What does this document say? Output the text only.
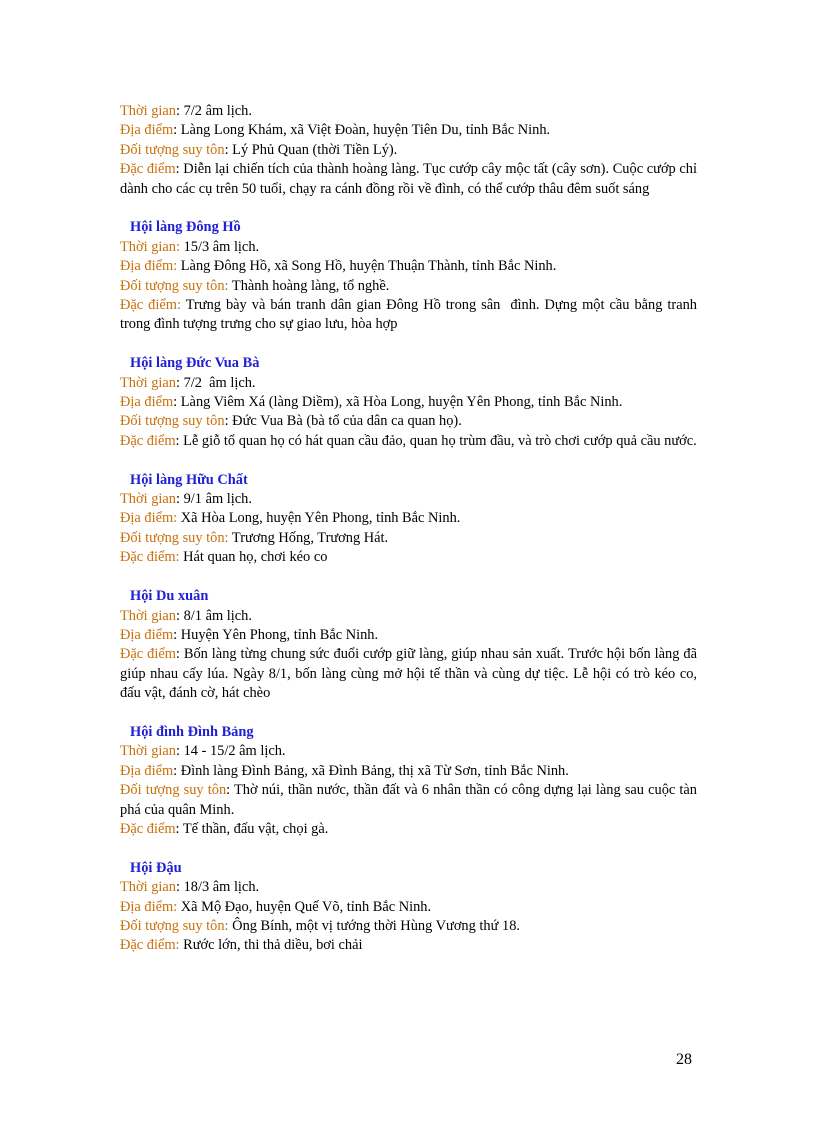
Thời gian: 7/2 âm lịch.
Địa điểm: Làng Long Khám, xã Việt Đoàn, huyện Tiên Du, tỉnh Bắc Ninh.
Đối tượng suy tôn: Lý Phủ Quan (thời Tiền Lý).
Đặc điểm: Diễn lại chiến tích của thành hoàng làng. Tục cướp cây mộc tất (cây sơn). Cuộc cướp chỉ dành cho các cụ trên 50 tuổi, chạy ra cánh đồng rồi về đình, có thể cướp thâu đêm suốt sáng
Hội làng Đông Hồ
Thời gian: 15/3 âm lịch.
Địa điểm: Làng Đông Hồ, xã Song Hồ, huyện Thuận Thành, tỉnh Bắc Ninh.
Đối tượng suy tôn: Thành hoàng làng, tổ nghề.
Đặc điểm: Trưng bày và bán tranh dân gian Đông Hồ trong sân  đình. Dựng một cầu bằng tranh trong đình tượng trưng cho sự giao lưu, hòa hợp
Hội làng Đức Vua Bà
Thời gian: 7/2  âm lịch.
Địa điểm: Làng Viêm Xá (làng Diềm), xã Hòa Long, huyện Yên Phong, tỉnh Bắc Ninh.
Đối tượng suy tôn: Đức Vua Bà (bà tổ của dân ca quan họ).
Đặc điểm: Lễ giỗ tổ quan họ có hát quan cầu đảo, quan họ trùm đầu, và trò chơi cướp quả cầu nước.
Hội làng Hữu Chất
Thời gian: 9/1 âm lịch.
Địa điểm: Xã Hòa Long, huyện Yên Phong, tỉnh Bắc Ninh.
Đối tượng suy tôn: Trương Hống, Trương Hát.
Đặc điểm: Hát quan họ, chơi kéo co
Hội Du xuân
Thời gian: 8/1 âm lịch.
Địa điểm: Huyện Yên Phong, tỉnh Bắc Ninh.
Đặc điểm: Bốn làng từng chung sức đuổi cướp giữ làng, giúp nhau sản xuất. Trước hội bốn làng đã giúp nhau cấy lúa. Ngày 8/1, bốn làng cùng mở hội tế thần và cùng dự tiệc. Lễ hội có trò kéo co, đấu vật, đánh cờ, hát chèo
Hội đình Đình Bảng
Thời gian: 14 - 15/2 âm lịch.
Địa điểm: Đình làng Đình Bảng, xã Đình Bảng, thị xã Từ Sơn, tỉnh Bắc Ninh.
Đối tượng suy tôn: Thờ núi, thần nước, thần đất và 6 nhân thần có công dựng lại làng sau cuộc tàn phá của quân Minh.
Đặc điểm: Tế thần, đấu vật, chọi gà.
Hội Đậu
Thời gian: 18/3 âm lịch.
Địa điểm: Xã Mộ Đạo, huyện Quế Võ, tỉnh Bắc Ninh.
Đối tượng suy tôn: Ông Bính, một vị tướng thời Hùng Vương thứ 18.
Đặc điểm: Rước lớn, thi thả diều, bơi chải
28
